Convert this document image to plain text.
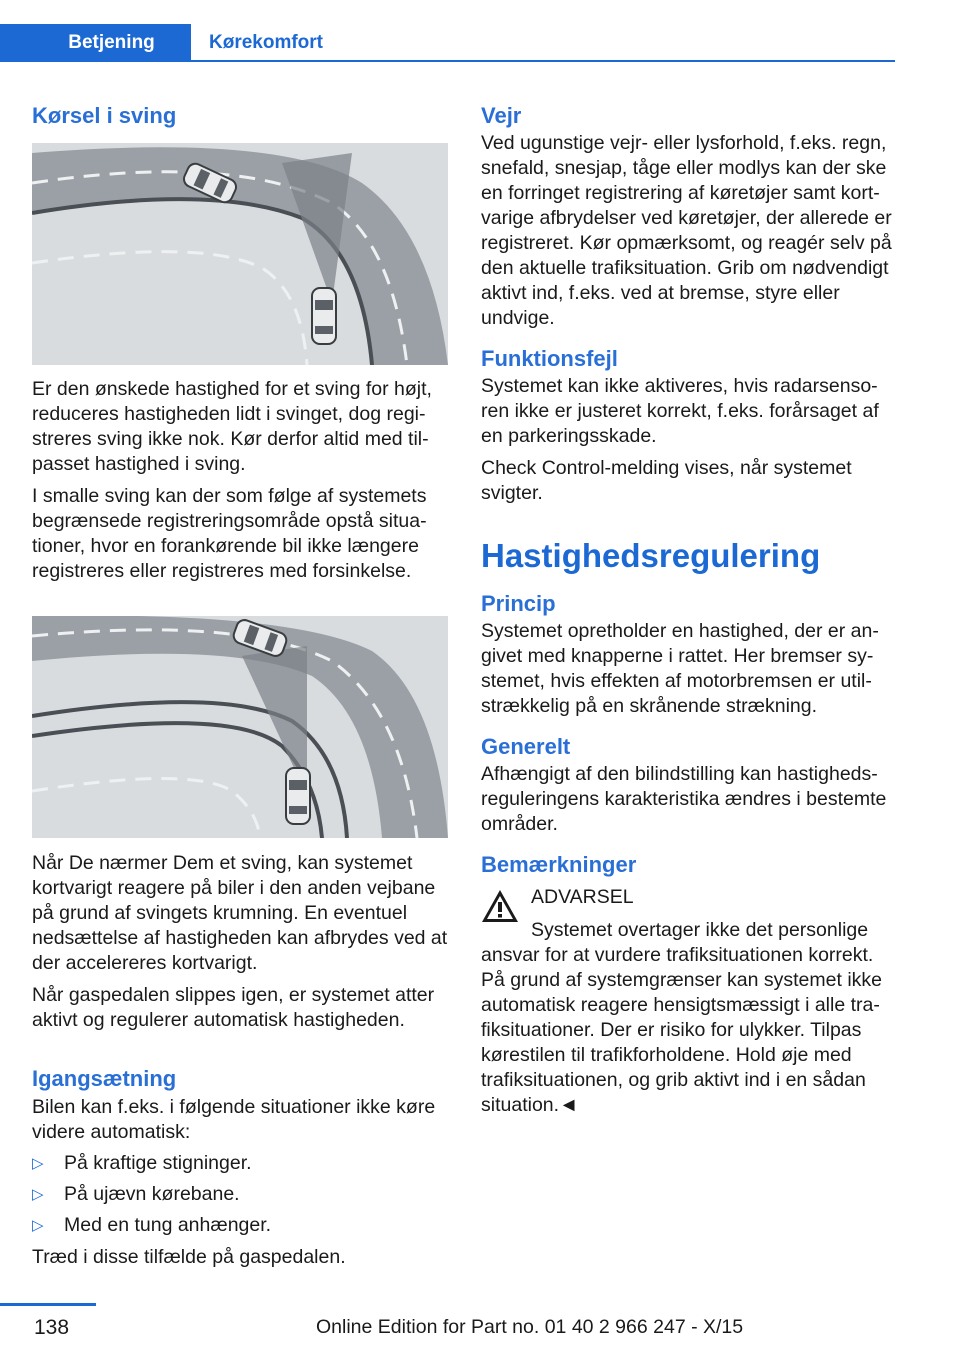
Betjening	Kørekomfort
Kørsel i sving

Er den ønskede hastighed for et sving for højt, reduceres hastigheden lidt i svinget, dog registreres sving ikke nok. Kør derfor altid med tilpasset hastighed i sving.

I smalle sving kan der som følge af systemets begrænsede registreringsområde opstå situationer, hvor en forankørende bil ikke længere registreres eller registreres med forsinkelse.

Når De nærmer Dem et sving, kan systemet kortvarigt reagere på biler i den anden vejbane på grund af svingets krumning. En eventuel nedsættelse af hastigheden kan afbrydes ved at der accelereres kortvarigt.

Når gaspedalen slippes igen, er systemet atter aktivt og regulerer automatisk hastigheden.

Igangsætning

Bilen kan f.eks. i følgende situationer ikke køre videre automatisk:

▷	På kraftige stigninger.
▷	På ujævn kørebane.
▷	Med en tung anhænger.

Træd i disse tilfælde på gaspedalen.

Vejr

Ved ugunstige vejr- eller lysforhold, f.eks. regn, snefald, snesjap, tåge eller modlys kan der ske en forringet registrering af køretøjer samt kortvarige afbrydelser ved køretøjer, der allerede er registreret. Kør opmærksomt, og reagér selv på den aktuelle trafiksituation. Grib om nødvendigt aktivt ind, f.eks. ved at bremse, styre eller undvige.

Funktionsfejl

Systemet kan ikke aktiveres, hvis radarsensoren ikke er justeret korrekt, f.eks. forårsaget af en parkeringsskade.

Check Control-melding vises, når systemet svigter.

Hastighedsregulering
Princip

Systemet opretholder en hastighed, der er angivet med knapperne i rattet. Her bremser systemet, hvis effekten af motorbremsen er utilstrækkelig på en skrånende strækning.

Generelt

Afhængigt af den bilindstilling kan hastighedsreguleringens karakteristika ændres i bestemte områder.

Bemærkninger
ADVARSEL
Systemet overtager ikke det personlige

ansvar for at vurdere trafiksituationen korrekt. På grund af systemgrænser kan systemet ikke automatisk reagere hensigtsmæssigt i alle trafiksituationer. Der er risiko for ulykker. Tilpas kørestilen til trafikforholdene. Hold øje med trafiksituationen, og grib aktivt ind i en sådan situation.◄

138	Online Edition for Part no. 01 40 2 966 247 - X/15
